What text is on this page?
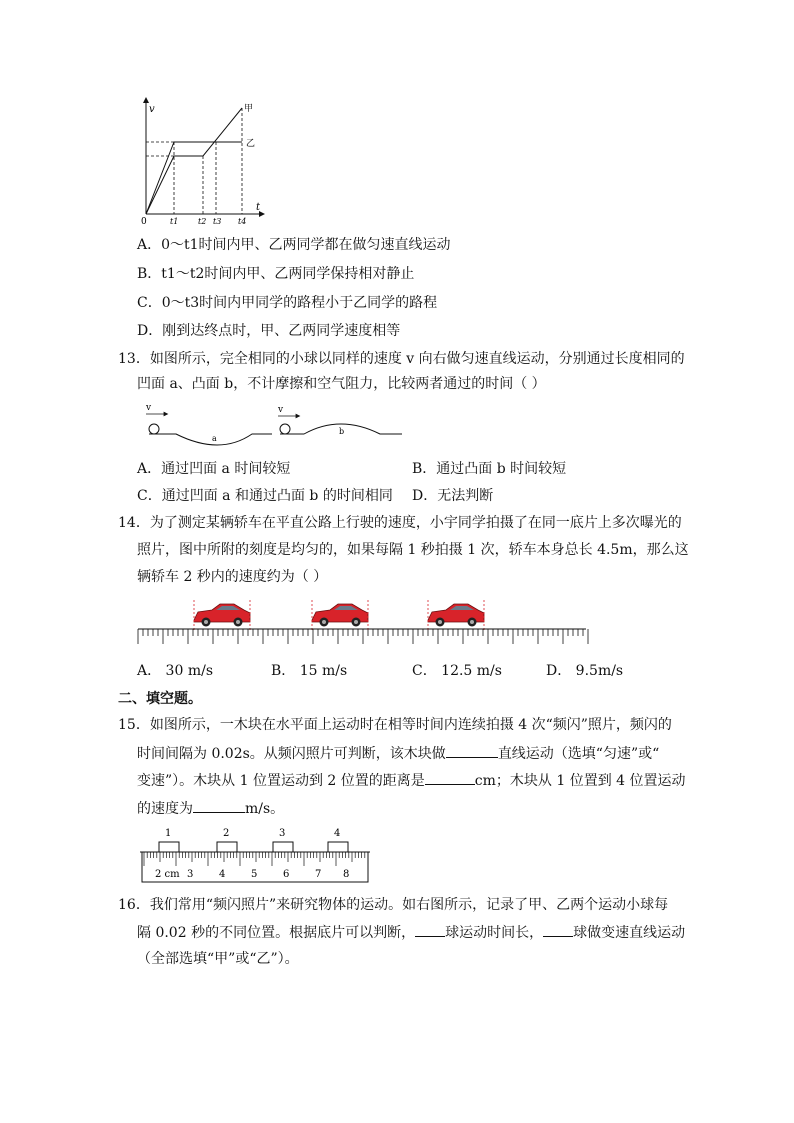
v
t
0
甲
乙
t1 t2 t3 t4
A．0～t1时间内甲、乙两同学都在做匀速直线运动
B．t1～t2时间内甲、乙两同学保持相对静止
C．0～t3时间内甲同学的路程小于乙同学的路程
D．刚到达终点时，甲、乙两同学速度相等
13．如图所示，完全相同的小球以同样的速度 v 向右做匀速直线运动，分别通过长度相同的
凹面 a、凸面 b，不计摩擦和空气阻力，比较两者通过的时间（ ）
v
a
v
b
A．通过凹面 a 时间较短	B．通过凸面 b 时间较短
C．通过凹面 a 和通过凸面 b 的时间相同 D．无法判断
14．为了测定某辆轿车在平直公路上行驶的速度，小宇同学拍摄了在同一底片上多次曝光的
照片，图中所附的刻度是均匀的，如果每隔 1 秒拍摄 1 次，轿车本身总长 4.5m，那么这
辆轿车 2 秒内的速度约为（ ）
A． 30 m/s	B． 15 m/s	C． 12.5 m/s	D． 9.5m/s
二、填空题。
15．如图所示，一木块在水平面上运动时在相等时间内连续拍摄 4 次“频闪”照片，频闪的
时间间隔为 0.02s。从频闪照片可判断，该木块做	直线运动（选填“匀速”或“
变速”）。木块从 1 位置运动到 2 位置的距离是	cm；木块从 1 位置到 4 位置运动
的速度为	m/s。
1	2	3	4
2 cm 3	4	5	6	7 8
16．我们常用“频闪照片”来研究物体的运动。如右图所示，记录了甲、乙两个运动小球每
隔 0.02 秒的不同位置。根据底片可以判断， 球运动时间长， 球做变速直线运动
（全部选填“甲”或“乙”）。
